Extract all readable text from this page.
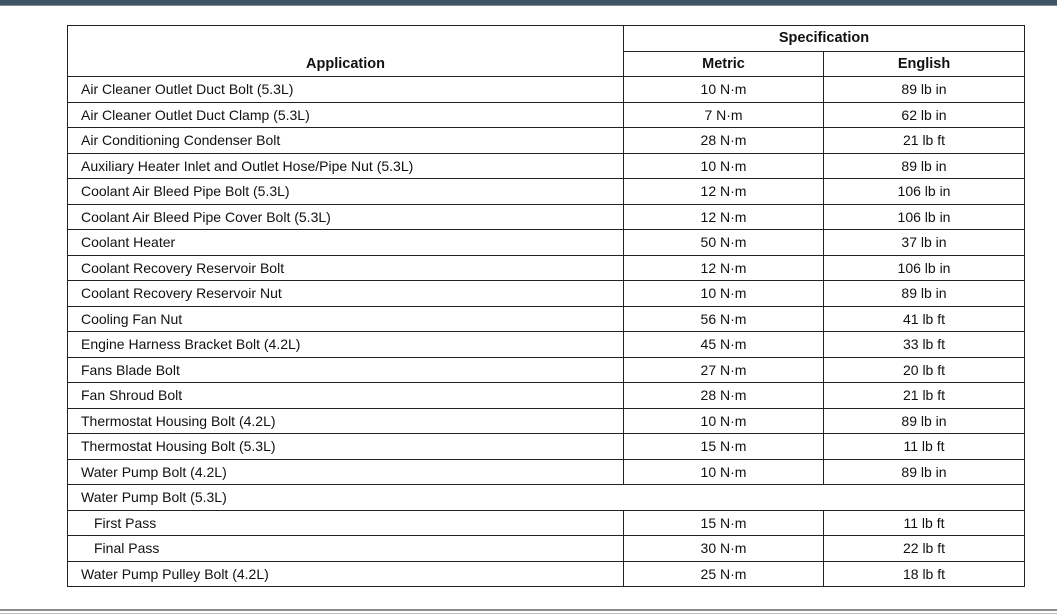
Application	Specification	
	Metric	English
Air Cleaner Outlet Duct Bolt (5.3L)	10 N·m	89 lb in
Air Cleaner Outlet Duct Clamp (5.3L)	7 N·m	62 lb in
Air Conditioning Condenser Bolt	28 N·m	21 lb ft
Auxiliary Heater Inlet and Outlet Hose/Pipe Nut (5.3L)	10 N·m	89 lb in
Coolant Air Bleed Pipe Bolt (5.3L)	12 N·m	106 lb in
Coolant Air Bleed Pipe Cover Bolt (5.3L)	12 N·m	106 lb in
Coolant Heater	50 N·m	37 lb in
Coolant Recovery Reservoir Bolt	12 N·m	106 lb in
Coolant Recovery Reservoir Nut	10 N·m	89 lb in
Cooling Fan Nut	56 N·m	41 lb ft
Engine Harness Bracket Bolt (4.2L)	45 N·m	33 lb ft
Fans Blade Bolt	27 N·m	20 lb ft
Fan Shroud Bolt	28 N·m	21 lb ft
Thermostat Housing Bolt (4.2L)	10 N·m	89 lb in
Thermostat Housing Bolt (5.3L)	15 N·m	11 lb ft
Water Pump Bolt (4.2L)	10 N·m	89 lb in
Water Pump Bolt (5.3L)		
First Pass	15 N·m	11 lb ft
Final Pass	30 N·m	22 lb ft
Water Pump Pulley Bolt (4.2L)	25 N·m	18 lb ft
